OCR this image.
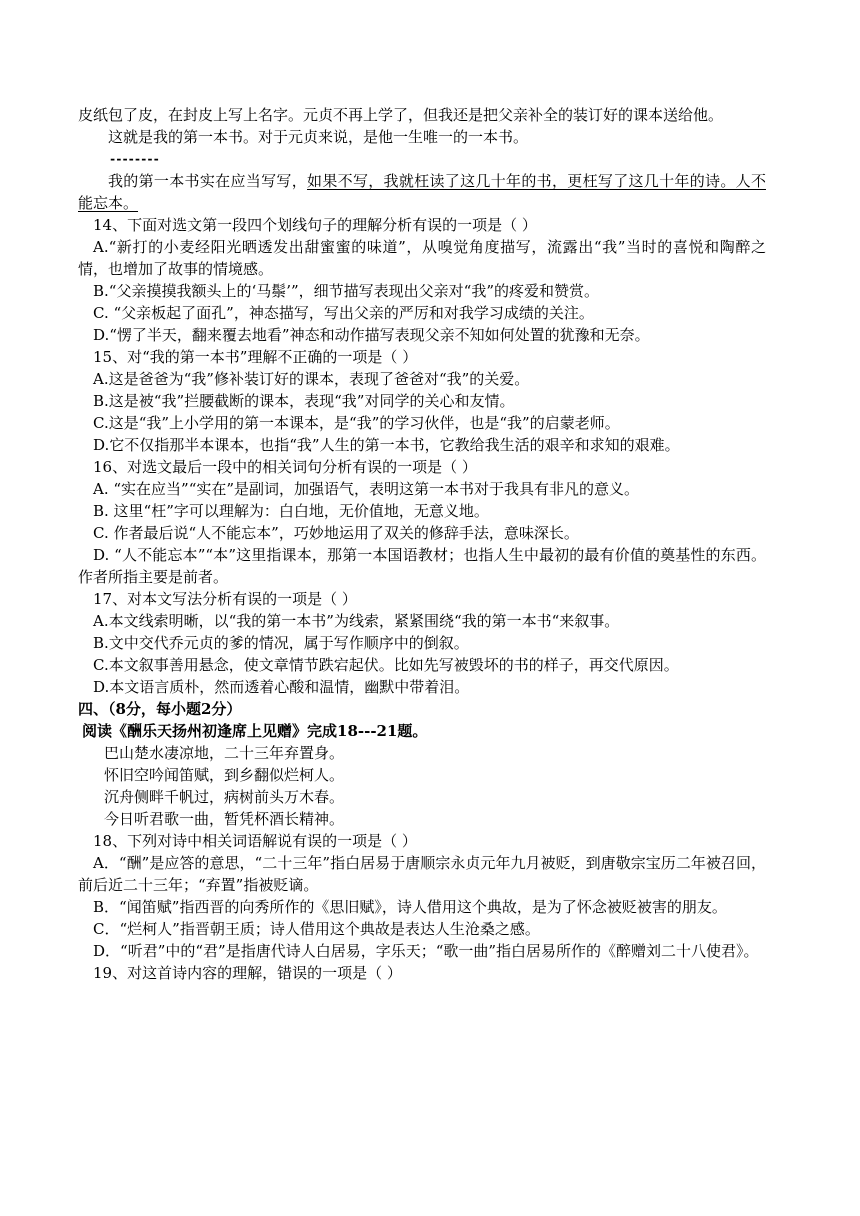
皮纸包了皮，在封皮上写上名字。元贞不再上学了，但我还是把父亲补全的装订好的课本送给他。

这就是我的第一本书。对于元贞来说，是他一生唯一的一本书。

--------

我的第一本书实在应当写写，如果不写，我就枉读了这几十年的书，更枉写了这几十年的诗。人不能忘本。

14、下面对选文第一段四个划线句子的理解分析有误的一项是（ ）

A.“新打的小麦经阳光晒透发出甜蜜蜜的味道”，从嗅觉角度描写，流露出“我”当时的喜悦和陶醉之情，也增加了故事的情境感。

B.“父亲摸摸我额头上的‘马鬃’”，细节描写表现出父亲对“我”的疼爱和赞赏。

C. “父亲板起了面孔”，神态描写，写出父亲的严厉和对我学习成绩的关注。

D.“愣了半天，翻来覆去地看”神态和动作描写表现父亲不知如何处置的犹豫和无奈。

15、对“我的第一本书”理解不正确的一项是（ ）

A.这是爸爸为“我”修补装订好的课本，表现了爸爸对“我”的关爱。

B.这是被“我”拦腰截断的课本，表现“我”对同学的关心和友情。

C.这是“我”上小学用的第一本课本，是“我”的学习伙伴，也是“我”的启蒙老师。

D.它不仅指那半本课本，也指“我”人生的第一本书，它教给我生活的艰辛和求知的艰难。

16、对选文最后一段中的相关词句分析有误的一项是（ ）

A. “实在应当”“实在”是副词，加强语气，表明这第一本书对于我具有非凡的意义。

B. 这里“枉”字可以理解为：白白地，无价值地，无意义地。

C. 作者最后说“人不能忘本”，巧妙地运用了双关的修辞手法，意味深长。

D. “人不能忘本”“本”这里指课本，那第一本国语教材；也指人生中最初的最有价值的奠基性的东西。作者所指主要是前者。

17、对本文写法分析有误的一项是（ ）

A.本文线索明晰，以“我的第一本书”为线索，紧紧围绕“我的第一本书“来叙事。

B.文中交代乔元贞的爹的情况，属于写作顺序中的倒叙。

C.本文叙事善用悬念，使文章情节跌宕起伏。比如先写被毁坏的书的样子，再交代原因。

D.本文语言质朴，然而透着心酸和温情，幽默中带着泪。

四、（8分，每小题2分）

阅读《酬乐天扬州初逢席上见赠》完成18---21题。

巴山楚水凄凉地，二十三年弃置身。

怀旧空吟闻笛赋，到乡翻似烂柯人。

沉舟侧畔千帆过，病树前头万木春。

今日听君歌一曲，暂凭杯酒长精神。

18、下列对诗中相关词语解说有误的一项是（ ）

A．“酬”是应答的意思，“二十三年”指白居易于唐顺宗永贞元年九月被贬，到唐敬宗宝历二年被召回，前后近二十三年；“弃置”指被贬谪。

B．“闻笛赋”指西晋的向秀所作的《思旧赋》，诗人借用这个典故，是为了怀念被贬被害的朋友。

C．“烂柯人”指晋朝王质；诗人借用这个典故是表达人生沧桑之感。

D．“听君”中的“君”是指唐代诗人白居易，字乐天；“歌一曲”指白居易所作的《醉赠刘二十八使君》。

19、对这首诗内容的理解，错误的一项是（ ）
